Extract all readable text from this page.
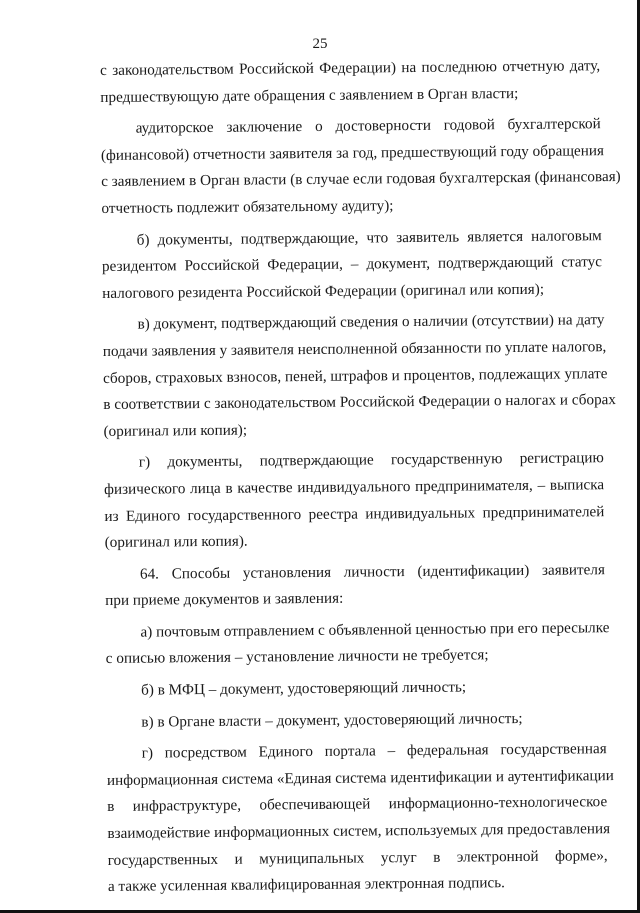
25
с законодательством Российской Федерации) на последнюю отчетную дату,
предшествующую дате обращения с заявлением в Орган власти;
аудиторское заключение о достоверности годовой бухгалтерской
(финансовой) отчетности заявителя за год, предшествующий году обращения
с заявлением в Орган власти (в случае если годовая бухгалтерская (финансовая)
отчетность подлежит обязательному аудиту);
б) документы, подтверждающие, что заявитель является налоговым
резидентом Российской Федерации, – документ, подтверждающий статус
налогового резидента Российской Федерации (оригинал или копия);
в) документ, подтверждающий сведения о наличии (отсутствии) на дату
подачи заявления у заявителя неисполненной обязанности по уплате налогов,
сборов, страховых взносов, пеней, штрафов и процентов, подлежащих уплате
в соответствии с законодательством Российской Федерации о налогах и сборах
(оригинал или копия);
г) документы, подтверждающие государственную регистрацию
физического лица в качестве индивидуального предпринимателя, – выписка
из Единого государственного реестра индивидуальных предпринимателей
(оригинал или копия).
64. Способы установления личности (идентификации) заявителя
при приеме документов и заявления:
а) почтовым отправлением с объявленной ценностью при его пересылке
с описью вложения – установление личности не требуется;
б) в МФЦ – документ, удостоверяющий личность;
в) в Органе власти – документ, удостоверяющий личность;
г) посредством Единого портала – федеральная государственная
информационная система «Единая система идентификации и аутентификации
в инфраструктуре, обеспечивающей информационно-технологическое
взаимодействие информационных систем, используемых для предоставления
государственных и муниципальных услуг в электронной форме»,
а также усиленная квалифицированная электронная подпись.
